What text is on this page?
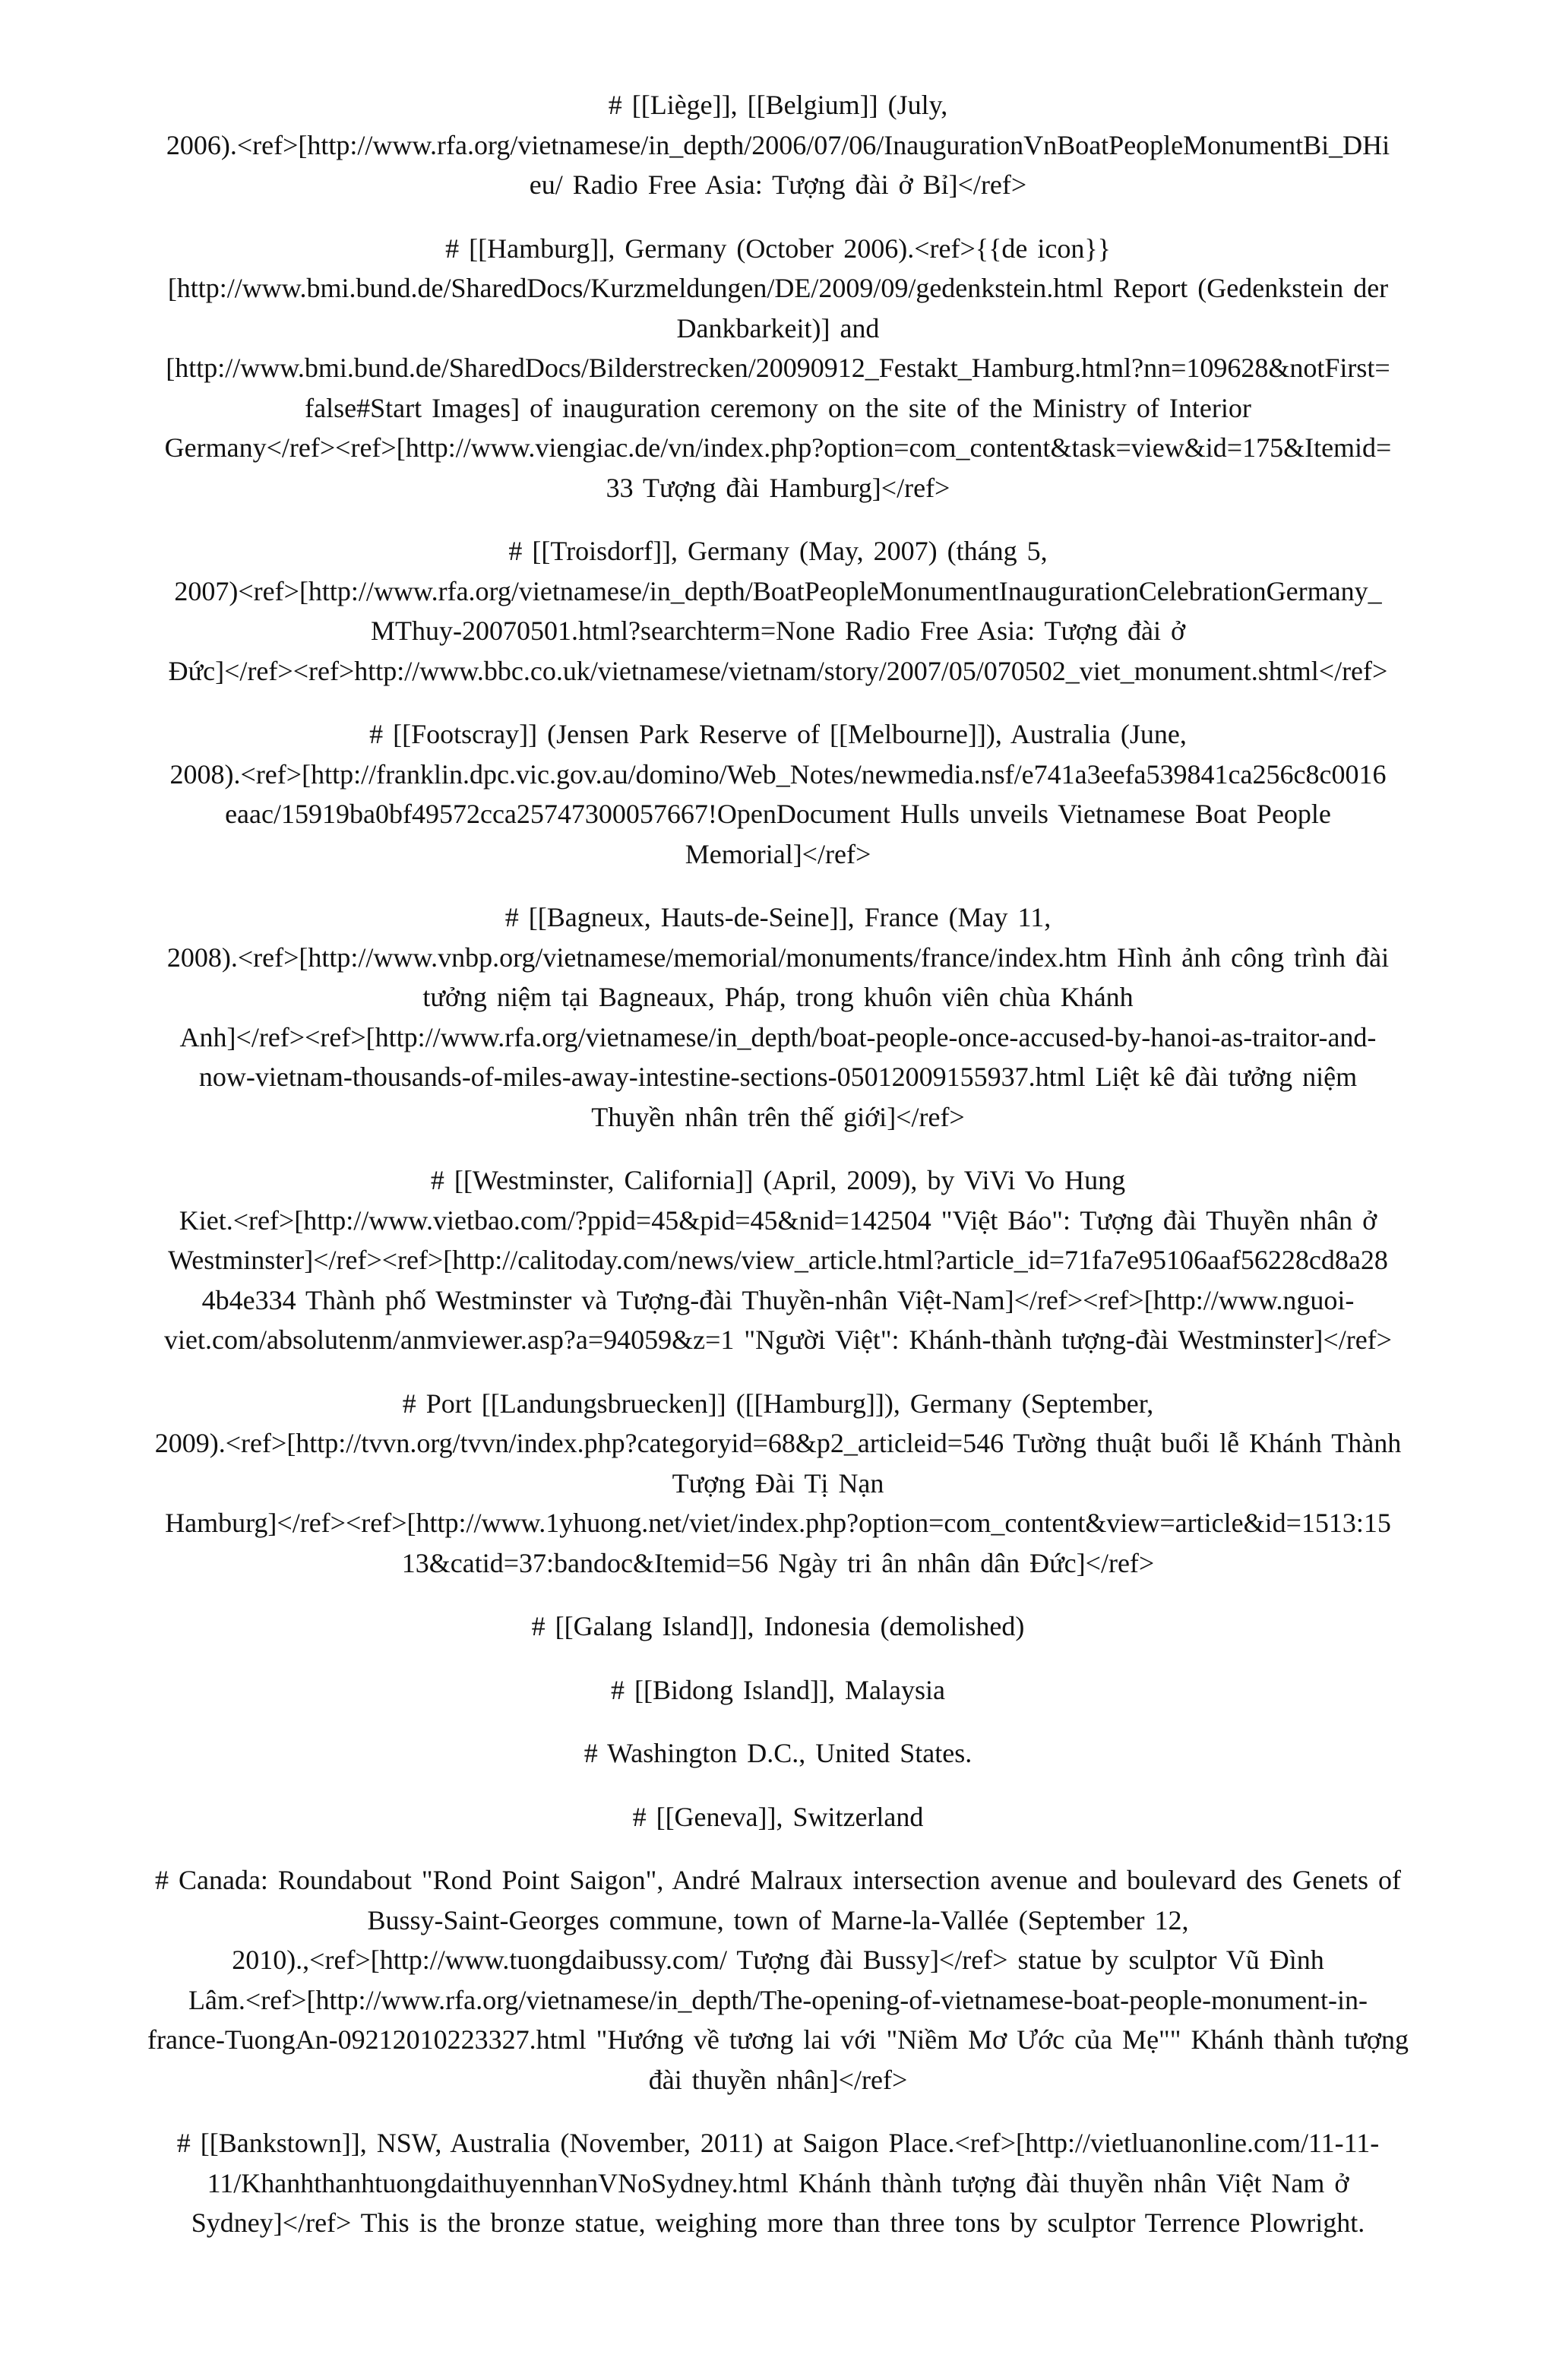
# [[Liège]], [[Belgium]] (July,
2006).<ref>[http://www.rfa.org/vietnamese/in_depth/2006/07/06/InaugurationVnBoatPeopleMonumentBi_DHi
eu/ Radio Free Asia: Tượng đài ở Bỉ]</ref>

# [[Hamburg]], Germany (October 2006).<ref>{{de icon}}
[http://www.bmi.bund.de/SharedDocs/Kurzmeldungen/DE/2009/09/gedenkstein.html Report (Gedenkstein der
Dankbarkeit)] and
[http://www.bmi.bund.de/SharedDocs/Bilderstrecken/20090912_Festakt_Hamburg.html?nn=109628&notFirst=
false#Start Images] of inauguration ceremony on the site of the Ministry of Interior
Germany</ref><ref>[http://www.viengiac.de/vn/index.php?option=com_content&task=view&id=175&Itemid=
33 Tượng đài Hamburg]</ref>

# [[Troisdorf]], Germany (May, 2007) (tháng 5,
2007)<ref>[http://www.rfa.org/vietnamese/in_depth/BoatPeopleMonumentInaugurationCelebrationGermany_
MThuy-20070501.html?searchterm=None Radio Free Asia: Tượng đài ở
Đức]</ref><ref>http://www.bbc.co.uk/vietnamese/vietnam/story/2007/05/070502_viet_monument.shtml</ref>

# [[Footscray]] (Jensen Park Reserve of [[Melbourne]]), Australia (June,
2008).<ref>[http://franklin.dpc.vic.gov.au/domino/Web_Notes/newmedia.nsf/e741a3eefa539841ca256c8c0016
eaac/15919ba0bf49572cca25747300057667!OpenDocument Hulls unveils Vietnamese Boat People
Memorial]</ref>

# [[Bagneux, Hauts-de-Seine]], France (May 11,
2008).<ref>[http://www.vnbp.org/vietnamese/memorial/monuments/france/index.htm Hình ảnh công trình đài
tưởng niệm tại Bagneaux, Pháp, trong khuôn viên chùa Khánh
Anh]</ref><ref>[http://www.rfa.org/vietnamese/in_depth/boat-people-once-accused-by-hanoi-as-traitor-and-
now-vietnam-thousands-of-miles-away-intestine-sections-05012009155937.html Liệt kê đài tưởng niệm
Thuyền nhân trên thế giới]</ref>

# [[Westminster, California]] (April, 2009), by ViVi Vo Hung
Kiet.<ref>[http://www.vietbao.com/?ppid=45&pid=45&nid=142504 "Việt Báo": Tượng đài Thuyền nhân ở
Westminster]</ref><ref>[http://calitoday.com/news/view_article.html?article_id=71fa7e95106aaf56228cd8a28
4b4e334 Thành phố Westminster và Tượng-đài Thuyền-nhân Việt-Nam]</ref><ref>[http://www.nguoi-
viet.com/absolutenm/anmviewer.asp?a=94059&z=1 "Người Việt": Khánh-thành tượng-đài Westminster]</ref>

# Port [[Landungsbruecken]] ([[Hamburg]]), Germany (September,
2009).<ref>[http://tvvn.org/tvvn/index.php?categoryid=68&p2_articleid=546 Tường thuật buổi lễ Khánh Thành
Tượng Đài Tị Nạn
Hamburg]</ref><ref>[http://www.1yhuong.net/viet/index.php?option=com_content&view=article&id=1513:15
13&catid=37:bandoc&Itemid=56 Ngày tri ân nhân dân Đức]</ref>

# [[Galang Island]], Indonesia (demolished)

# [[Bidong Island]], Malaysia

# Washington D.C., United States.

# [[Geneva]], Switzerland

# Canada: Roundabout "Rond Point Saigon", André Malraux intersection avenue and boulevard des Genets of
Bussy-Saint-Georges commune, town of Marne-la-Vallée (September 12,
2010).,<ref>[http://www.tuongdaibussy.com/ Tượng đài Bussy]</ref> statue by sculptor Vũ Đình
Lâm.<ref>[http://www.rfa.org/vietnamese/in_depth/The-opening-of-vietnamese-boat-people-monument-in-
france-TuongAn-09212010223327.html "Hướng về tương lai với "Niềm Mơ Ước của Mẹ"" Khánh thành tượng
đài thuyền nhân]</ref>

# [[Bankstown]], NSW, Australia (November, 2011) at Saigon Place.<ref>[http://vietluanonline.com/11-11-
11/KhanhthanhtuongdaithuyennhanVNoSydney.html Khánh thành tượng đài thuyền nhân Việt Nam ở
Sydney]</ref> This is the bronze statue, weighing more than three tons by sculptor Terrence Plowright.
